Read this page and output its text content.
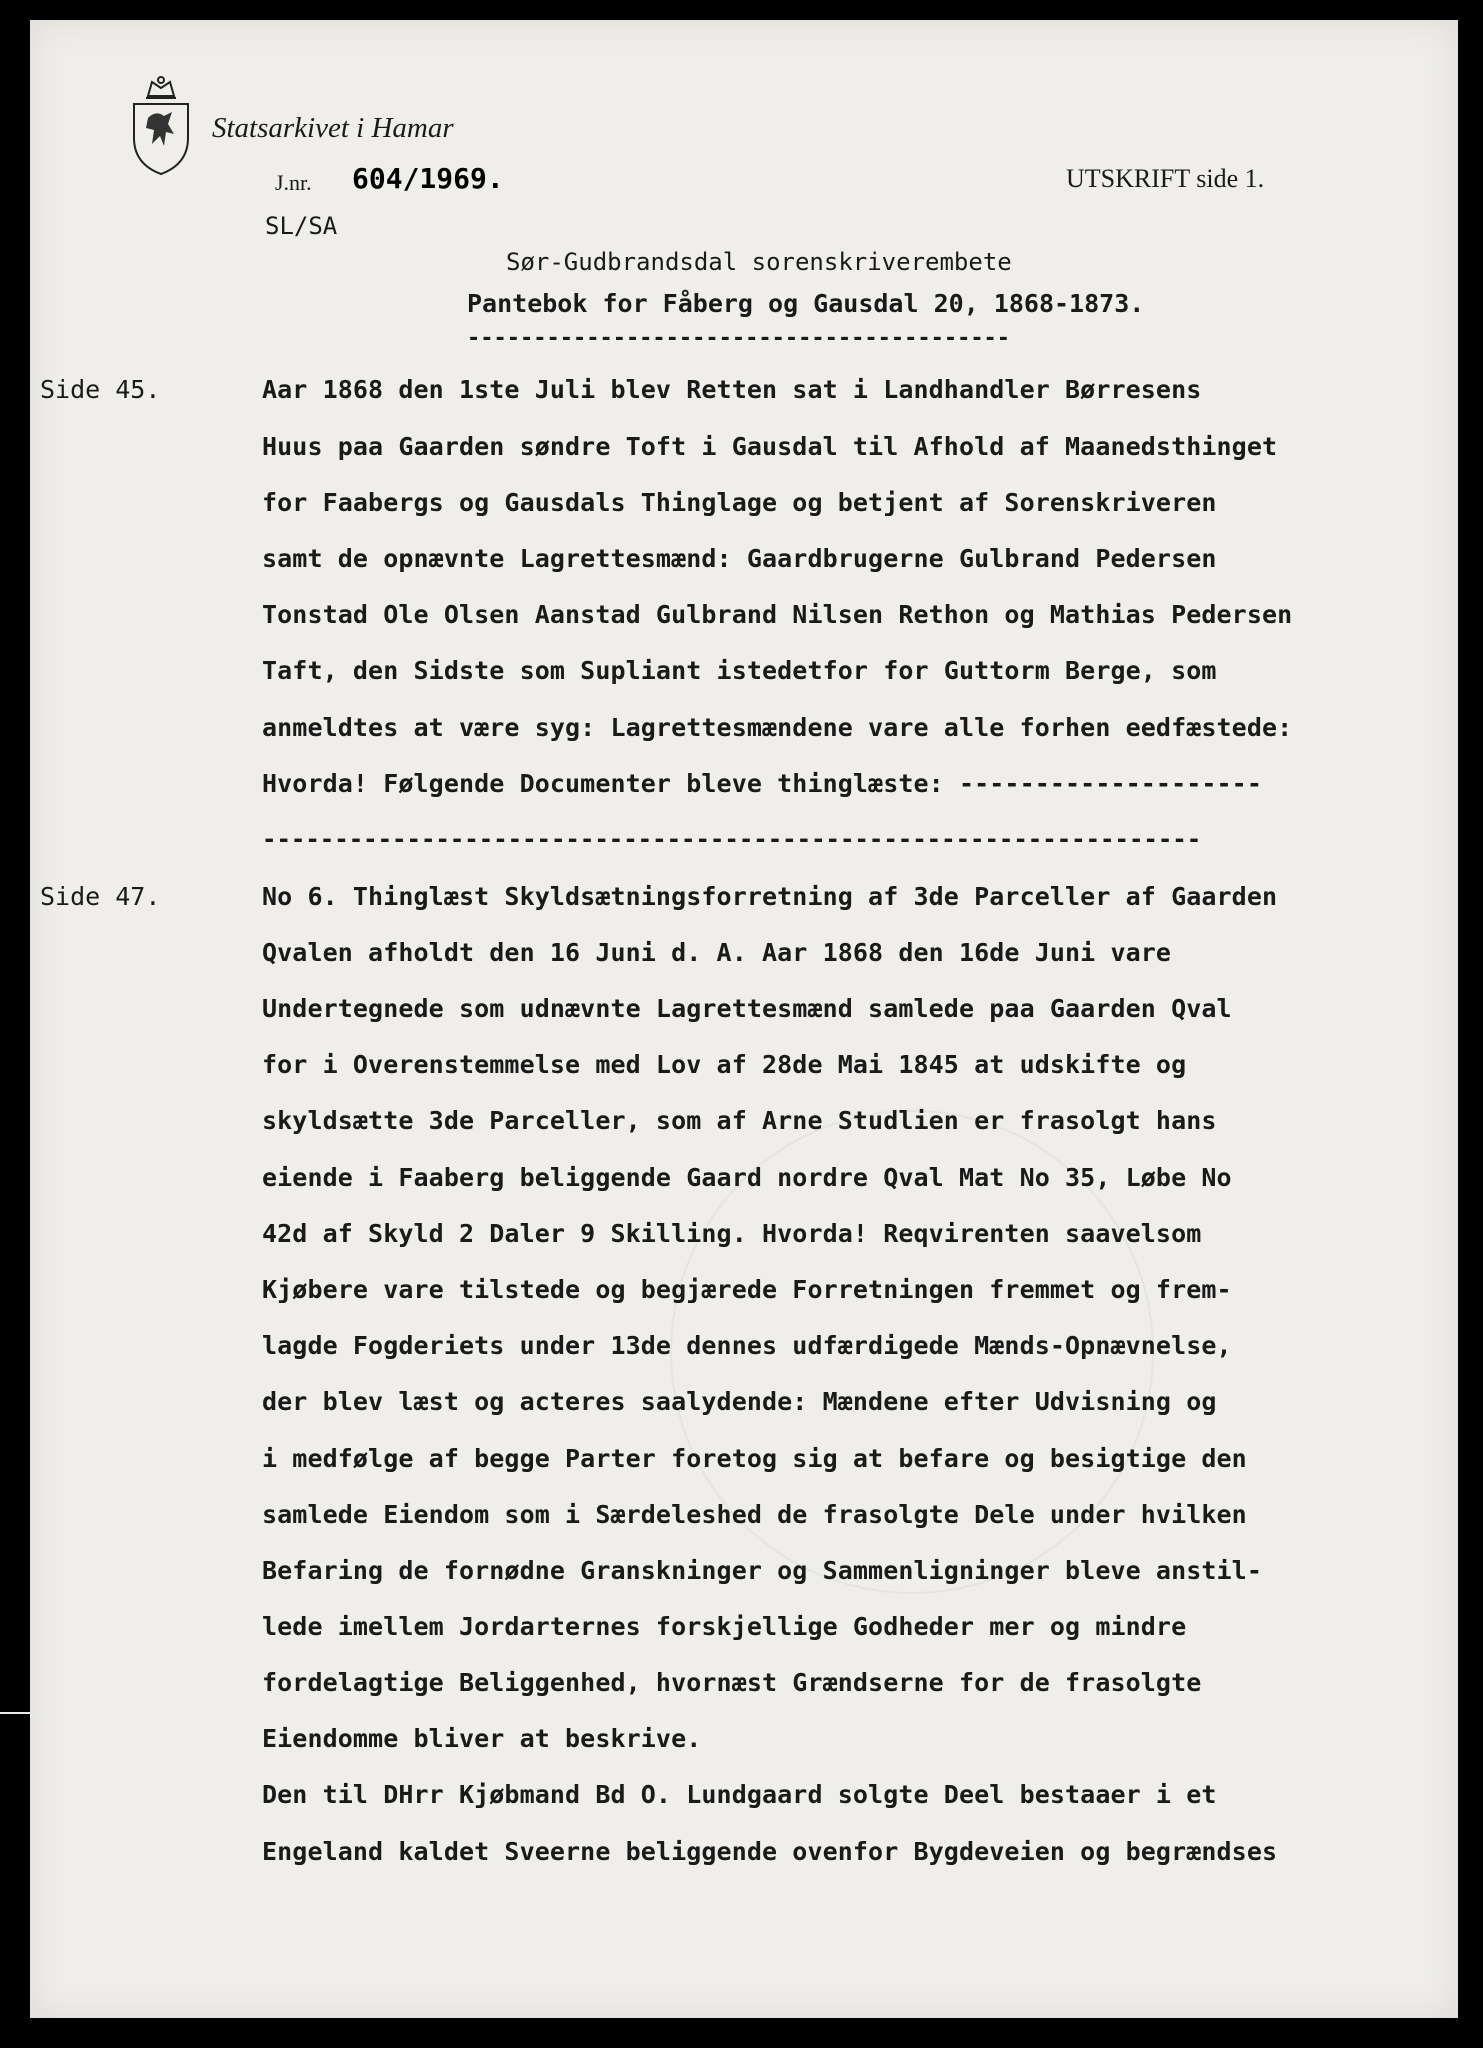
Statsarkivet i Hamar
J.nr. 604/1969.
SL/SA
UTSKRIFT side 1.
Sør-Gudbrandsdal sorenskriverembete
Pantebok for Fåberg og Gausdal 20, 1868-1873.
-----------------------------------------
Side 45.	Aar 1868 den 1ste Juli blev Retten sat i Landhandler Børresens
Huus paa Gaarden søndre Toft i Gausdal til Afhold af Maanedsthinget
for Faabergs og Gausdals Thinglage og betjent af Sorenskriveren
samt de opnævnte Lagrettesmænd: Gaardbrugerne Gulbrand Pedersen
Tonstad Ole Olsen Aanstad Gulbrand Nilsen Rethon og Mathias Pedersen
Taft, den Sidste som Supliant istedetfor for Guttorm Berge, som
anmeldtes at være syg: Lagrettesmændene vare alle forhen eedfæstede:
Hvorda! Følgende Documenter bleve thinglæste: --------------------
-----------------------------------------------------------------
Side 47.	No 6. Thinglæst Skyldsætningsforretning af 3de Parceller af Gaarden
Qvalen afholdt den 16 Juni d. A. Aar 1868 den 16de Juni vare
Undertegnede som udnævnte Lagrettesmænd samlede paa Gaarden Qval
for i Overenstemmelse med Lov af 28de Mai 1845 at udskifte og
skyldsætte 3de Parceller, som af Arne Studlien er frasolgt hans
eiende i Faaberg beliggende Gaard nordre Qval Mat No 35, Løbe No
42d af Skyld 2 Daler 9 Skilling. Hvorda! Reqvirenten saavelsom
Kjøbere vare tilstede og begjærede Forretningen fremmet og frem-
lagde Fogderiets under 13de dennes udfærdigede Mænds-Opnævnelse,
der blev læst og acteres saalydende: Mændene efter Udvisning og
i medfølge af begge Parter foretog sig at befare og besigtige den
samlede Eiendom som i Særdeleshed de frasolgte Dele under hvilken
Befaring de fornødne Granskninger og Sammenligninger bleve anstil-
lede imellem Jordarternes forskjellige Godheder mer og mindre
fordelagtige Beliggenhed, hvornæst Grændserne for de frasolgte
Eiendomme bliver at beskrive.
Den til DHrr Kjøbmand Bd O. Lundgaard solgte Deel bestaaer i et
Engeland kaldet Sveerne beliggende ovenfor Bygdeveien og begrændses
